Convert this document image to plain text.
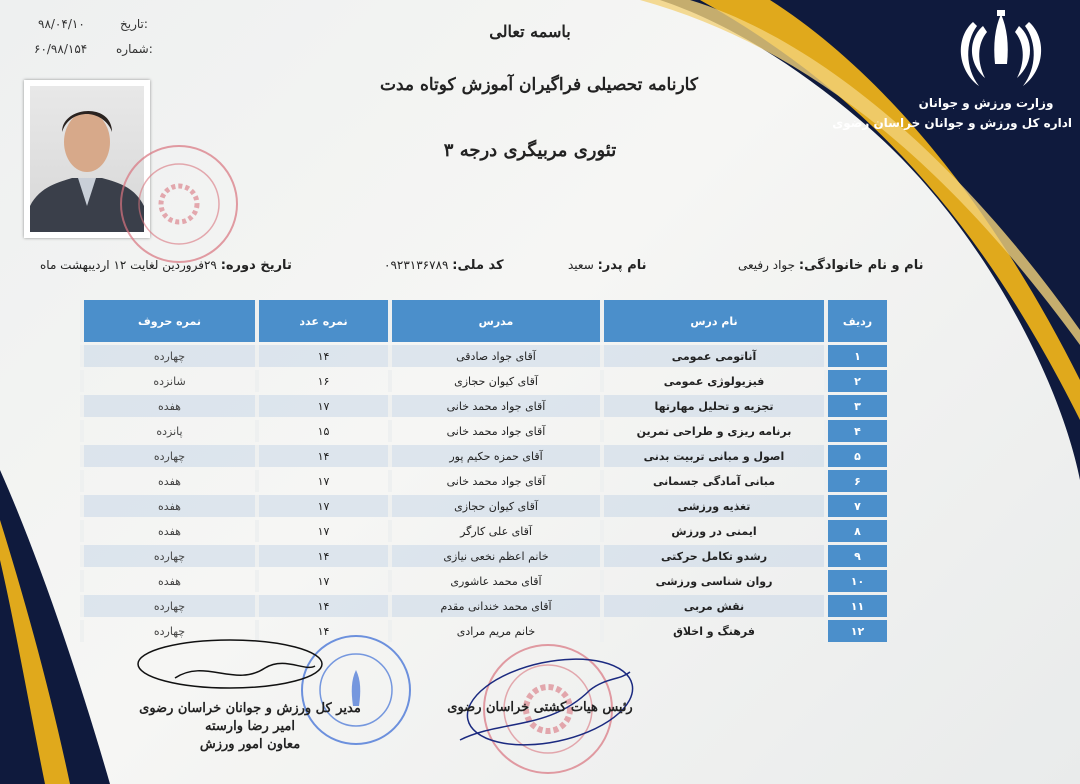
وزارت ورزش و جوانان
اداره کل ورزش و جوانان خراسان رضوی
باسمه تعالی
کارنامه تحصیلی فراگیران آموزش کوتاه مدت
تئوری مربیگری درجه ۳
۹۸/۰۴/۱۰	تاریخ:
۶۰/۹۸/۱۵۴ شماره:
نام و نام خانوادگی: جواد رفیعی
نام پدر: سعید
کد ملی: ۰۹۲۳۱۳۶۷۸۹
تاریخ دوره: ۲۹فروردین لغایت ۱۲ اردیبهشت ماه
ردیف	نام درس	مدرس	نمره عدد	نمره حروف
۱	آناتومی عمومی	آقای جواد صادقی	۱۴	چهارده
۲	فیزیولوژی عمومی	آقای کیوان حجازی	۱۶	شانزده
۳	تجزیه و تحلیل مهارتها	آقای جواد محمد خانی	۱۷	هفده
۴	برنامه ریزی و طراحی تمرین	آقای جواد محمد خانی	۱۵	پانزده
۵	اصول و مبانی تربیت بدنی	آقای حمزه حکیم پور	۱۴	چهارده
۶	مبانی آمادگی جسمانی	آقای جواد محمد خانی	۱۷	هفده
۷	تغذیه ورزشی	آقای کیوان حجازی	۱۷	هفده
۸	ایمنی در ورزش	آقای علی کارگر	۱۷	هفده
۹	رشدو تکامل حرکتی	خانم اعظم نخعی نیازی	۱۴	چهارده
۱۰	روان شناسی ورزشی	آقای محمد عاشوری	۱۷	هفده
۱۱	نقش مربی	آقای محمد خندانی مقدم	۱۴	چهارده
۱۲	فرهنگ و اخلاق	خانم مریم مرادی	۱۴	چهارده
مدیر کل ورزش و جوانان خراسان رضوی
امیر رضا وارسته
معاون امور ورزش
رئیس هیات کشتی خراسان رضوی
